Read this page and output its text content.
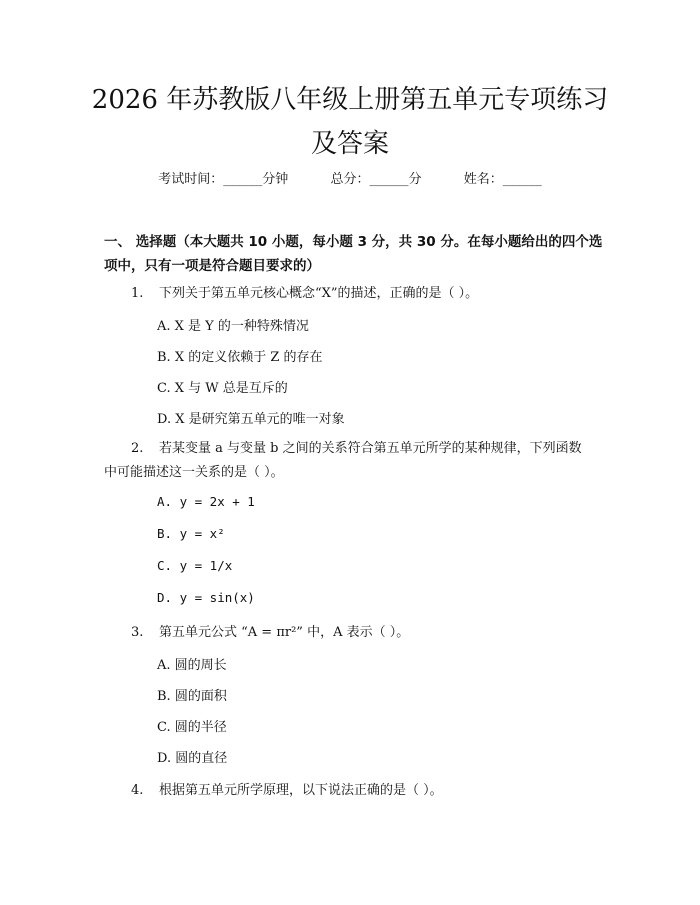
2026 年苏教版八年级上册第五单元专项练习
及答案
考试时间：______分钟	总分：______分	姓名：______
一、 选择题（本大题共 10 小题，每小题 3 分，共 30 分。在每小题给出的四个选项中，只有一项是符合题目要求的）
1. 下列关于第五单元核心概念“X”的描述，正确的是（ ）。
A. X 是 Y 的一种特殊情况
B. X 的定义依赖于 Z 的存在
C. X 与 W 总是互斥的
D. X 是研究第五单元的唯一对象
2. 若某变量 a 与变量 b 之间的关系符合第五单元所学的某种规律，下列函数
中可能描述这一关系的是（ ）。
A. y = 2x + 1
B. y = x²
C. y = 1/x
D. y = sin(x)
3. 第五单元公式 “A = πr²” 中，A 表示（ ）。
A. 圆的周长
B. 圆的面积
C. 圆的半径
D. 圆的直径
4. 根据第五单元所学原理，以下说法正确的是（ ）。
